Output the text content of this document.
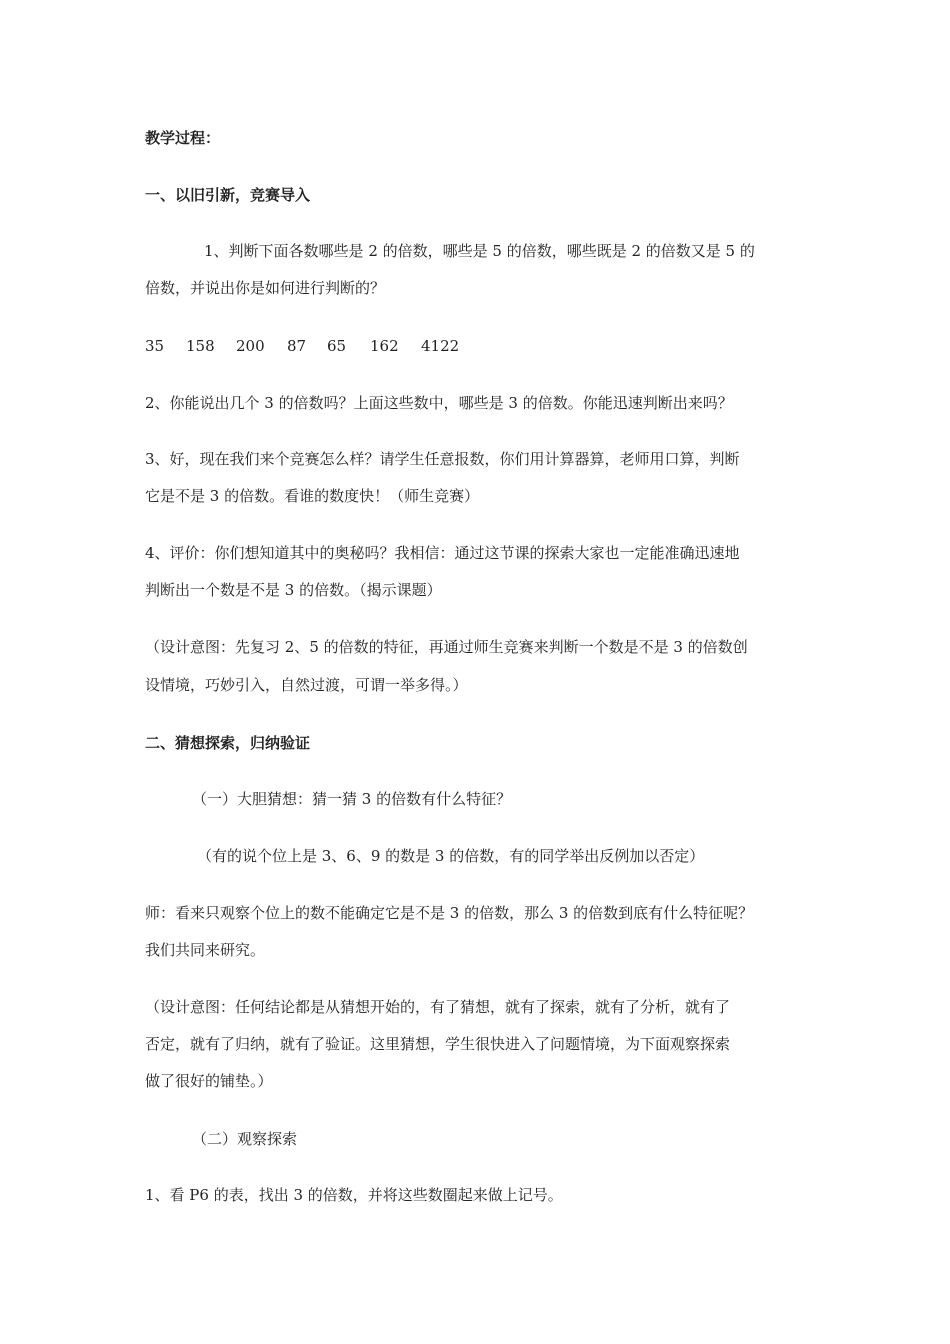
教学过程：
一、以旧引新，竞赛导入
1、判断下面各数哪些是 2 的倍数，哪些是 5 的倍数，哪些既是 2 的倍数又是 5 的
倍数，并说出你是如何进行判断的？
35	158	200	87	65	162	4122
2、你能说出几个 3 的倍数吗？上面这些数中，哪些是 3 的倍数。你能迅速判断出来吗？
3、好，现在我们来个竞赛怎么样？请学生任意报数，你们用计算器算，老师用口算，判断
它是不是 3 的倍数。看谁的数度快！（师生竞赛）
4、评价：你们想知道其中的奥秘吗？我相信：通过这节课的探索大家也一定能准确迅速地
判断出一个数是不是 3 的倍数。（揭示课题）
（设计意图：先复习 2、5 的倍数的特征，再通过师生竞赛来判断一个数是不是 3 的倍数创
设情境，巧妙引入，自然过渡，可谓一举多得。）
二、猜想探索，归纳验证
（一）大胆猜想：猜一猜 3 的倍数有什么特征？
（有的说个位上是 3、6、9 的数是 3 的倍数，有的同学举出反例加以否定）
师：看来只观察个位上的数不能确定它是不是 3 的倍数，那么 3 的倍数到底有什么特征呢？
我们共同来研究。
（设计意图：任何结论都是从猜想开始的，有了猜想，就有了探索，就有了分析，就有了
否定，就有了归纳，就有了验证。这里猜想，学生很快进入了问题情境，为下面观察探索
做了很好的铺垫。）
（二）观察探索
1、看 P6 的表，找出 3 的倍数，并将这些数圈起来做上记号。
